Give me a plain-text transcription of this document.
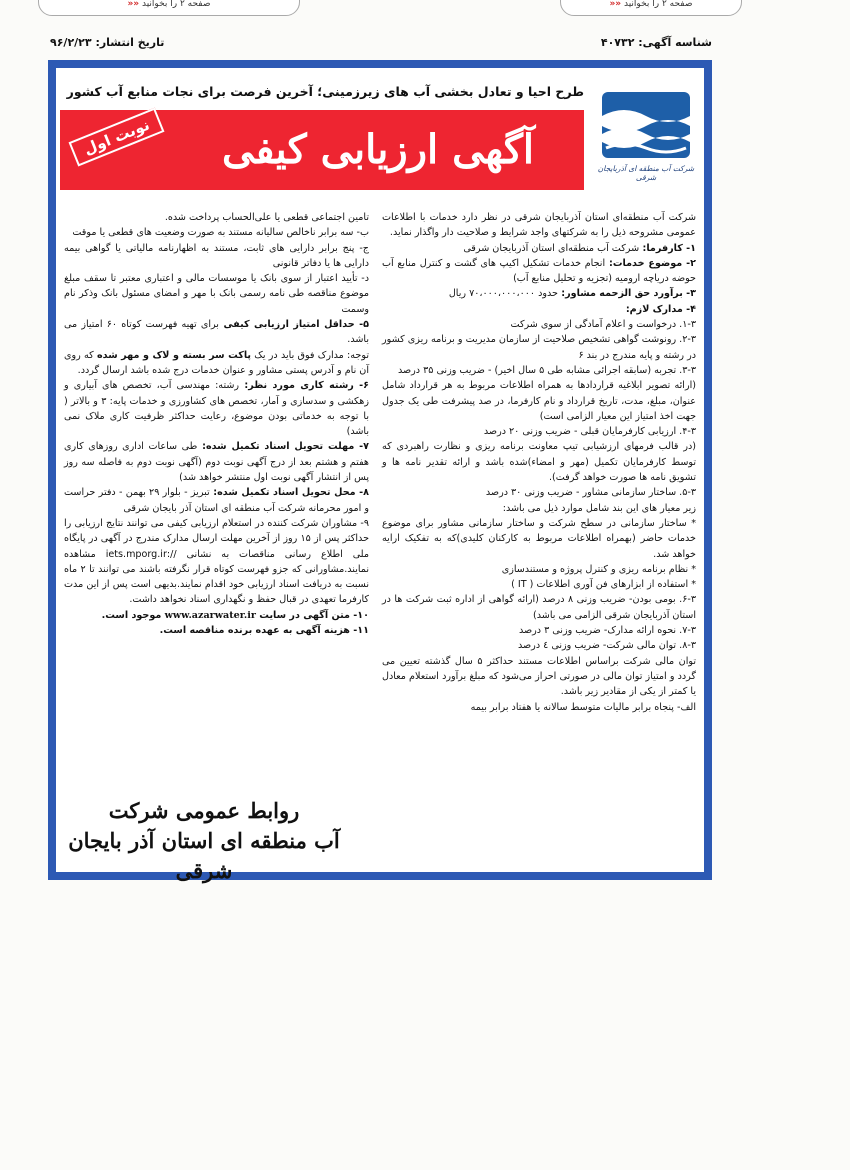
صفحه ۲ را بخوانید ««	صفحه ۲ را بخوانید ««
شناسه آگهی: ۴۰۷۳۲
تاریخ انتشار: ۹۶/۲/۲۳
شرکت آب منطقه ای آذربایجان شرقی
طرح احیا و تعادل بخشی آب های زیرزمینی؛ آخرین فرصت برای نجات منابع آب کشور
آگهی ارزیابی کیفی
نوبت اول

شرکت آب منطقه‌ای استان آذربایجان شرقی در نظر دارد خدمات با اطلاعات عمومی مشروحه ذیل را به شرکتهای واجد شرایط و صلاحیت دار واگذار نماید.

۱- کارفرما: شرکت آب منطقه‌ای استان آذربایجان شرقی

۲- موضوع خدمات: انجام خدمات تشکیل اکیپ های گشت و کنترل منابع آب حوضه دریاچه ارومیه (تجزیه و تحلیل منابع آب)

۳- برآورد حق الزحمه مشاور: حدود ۷۰،۰۰۰،۰۰۰،۰۰۰ ریال

۴- مدارک لازم:

۱-۳. درخواست و اعلام آمادگی از سوی شرکت

۲-۳. رونوشت گواهی تشخیص صلاحیت از سازمان مدیریت و برنامه ریزی کشور در رشته و پایه مندرج در بند ۶

۳-۳. تجربه (سابقه اجرائی مشابه طی ۵ سال اخیر) - ضریب وزنی ۳۵ درصد

(ارائه تصویر ابلاغیه قراردادها به همراه اطلاعات مربوط به هر قرارداد شامل عنوان، مبلغ، مدت، تاریخ قرارداد و نام کارفرما، در صد پیشرفت طی یک جدول جهت اخذ امتیاز این معیار الزامی است)

۴-۳. ارزیابی کارفرمایان قبلی - ضریب وزنی ۲۰ درصد

(در قالب فرمهای ارزشیابی تیپ معاونت برنامه ریزی و نظارت راهبردی که توسط کارفرمایان تکمیل (مهر و امضاء)شده باشد و ارائه تقدیر نامه ها و تشویق نامه ها صورت خواهد گرفت).

۵-۳. ساختار سازمانی مشاور - ضریب وزنی ۳۰ درصد

زیر معیار های این بند شامل موارد ذیل می باشد:

* ساختار سازمانی در سطح شرکت و ساختار سازمانی مشاور برای موضوع خدمات حاضر (بهمراه اطلاعات مربوط به کارکنان کلیدی)که به تفکیک ارایه خواهد شد.

* نظام برنامه ریزی و کنترل پروژه و مستندسازی

* استفاده از ابزارهای فن آوری اطلاعات ( IT )

۶-۳. بومی بودن- ضریب وزنی ۸ درصد (ارائه گواهی از اداره ثبت شرکت ها در استان آذربایجان شرقی الزامی می باشد)

۷-۳. نحوه ارائه مدارک- ضریب وزنی ۳ درصد

۸-۳. توان مالی شرکت- ضریب وزنی ٤ درصد

توان مالی شرکت براساس اطلاعات مستند حداکثر ۵ سال گذشته تعیین می گردد و امتیاز توان مالی در صورتی احراز می‌شود که مبلغ برآورد استعلام معادل یا کمتر از یکی از مقادیر زیر باشد.

الف- پنجاه برابر مالیات متوسط سالانه یا هفتاد برابر بیمه

تامین اجتماعی قطعی یا علی‌الحساب پرداخت شده.

ب- سه برابر ناخالص سالیانه مستند به صورت وضعیت های قطعی یا موقت

ج- پنج برابر دارایی های ثابت، مستند به اظهارنامه مالیاتی یا گواهی بیمه دارایی ها یا دفاتر قانونی

د- تأیید اعتبار از سوی بانک یا موسسات مالی و اعتباری معتبر تا سقف مبلغ موضوع مناقصه طی نامه رسمی بانک با مهر و امضای مسئول بانک وذکر نام وسمت

۵- حداقل امتیاز ارزیابی کیفی برای تهیه فهرست کوتاه ۶۰ امتیاز می باشد.

توجه: مدارک فوق باید در یک پاکت سر بسته و لاک و مهر شده که روی آن نام و آدرس پستی مشاور و عنوان خدمات درج شده باشد ارسال گردد.

۶- رشته کاری مورد نظر: رشته: مهندسی آب، تخصص های آبیاری و زهکشی و سدسازی و آمار، تخصص های کشاورزی و خدمات پایه: ۳ و بالاتر ( با توجه به خدماتی بودن موضوع، رعایت حداکثر ظرفیت کاری ملاک نمی باشد)

۷- مهلت تحویل اسناد تکمیل شده: طی ساعات اداری روزهای کاری هفتم و هشتم بعد از درج آگهی نوبت دوم (آگهی نوبت دوم به فاصله سه روز پس از انتشار آگهی نوبت اول منتشر خواهد شد)

۸- محل تحویل اسناد تکمیل شده: تبریز - بلوار ۲۹ بهمن - دفتر حراست و امور محرمانه شرکت آب منطقه ای استان آذر بایجان شرقی

۹- مشاوران شرکت کننده در استعلام ارزیابی کیفی می توانند نتایج ارزیابی را حداکثر پس از ۱۵ روز از آخرین مهلت ارسال مدارک مندرج در آگهی در پایگاه ملی اطلاع رسانی مناقصات به نشانی //:iets.mporg.ir مشاهده نمایند.مشاورانی که جزو فهرست کوتاه قرار نگرفته باشند می توانند تا ۲ ماه نسبت به دریافت اسناد ارزیابی خود اقدام نمایند.بدیهی است پس از این مدت کارفرما تعهدی در قبال حفظ و نگهداری اسناد نخواهد داشت.

۱۰- متن آگهی در سایت www.azarwater.ir موجود است.

۱۱- هزینه آگهی به عهده برنده مناقصه است.

روابط عمومی شرکت
آب منطقه ای استان آذر بایجان شرقی
